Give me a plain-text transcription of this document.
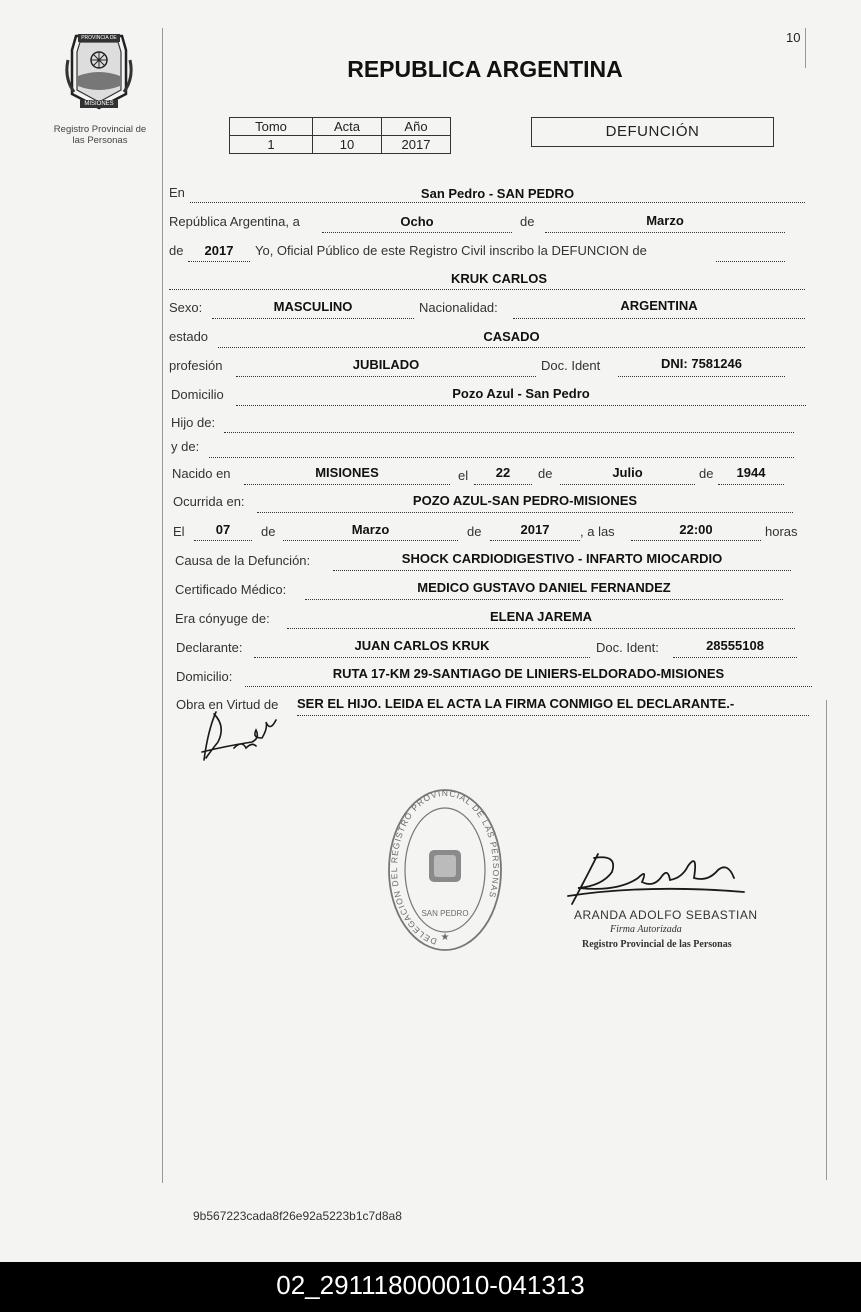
10
PROVINCIA DE
MISIONES
Registro Provincial de
las Personas
REPUBLICA ARGENTINA
Tomo	Acta	Año
1	10	2017
DEFUNCIÓN
En	San Pedro - SAN PEDRO
República Argentina, a	Ocho	de	Marzo
de	2017	Yo, Oficial Público de este Registro Civil inscribo la DEFUNCION de
KRUK CARLOS
Sexo:	MASCULINO	Nacionalidad:	ARGENTINA
estado	CASADO
profesión	JUBILADO	Doc. Ident	DNI: 7581246
Domicilio	Pozo Azul - San Pedro
Hijo de:
y de:
Nacido en	MISIONES	el	22	de	Julio	de	1944
Ocurrida en:	POZO AZUL-SAN PEDRO-MISIONES
El	07	de	Marzo	de	2017	, a las	22:00	horas
Causa de la Defunción:	SHOCK CARDIODIGESTIVO - INFARTO MIOCARDIO
Certificado Médico:	MEDICO GUSTAVO DANIEL FERNANDEZ
Era cónyuge de:	ELENA JAREMA
Declarante:	JUAN CARLOS KRUK	Doc. Ident:	28555108
Domicilio:	RUTA 17-KM 29-SANTIAGO DE LINIERS-ELDORADO-MISIONES
Obra en Virtud de SER EL HIJO. LEIDA EL ACTA LA FIRMA CONMIGO EL DECLARANTE.-
DELEGACION DEL REGISTRO PROVINCIAL DE LAS PERSONAS
SAN PEDRO
★
ARANDA ADOLFO SEBASTIAN
Firma Autorizada
Registro Provincial de las Personas
9b567223cada8f26e92a5223b1c7d8a8
02_291118000010-041313
